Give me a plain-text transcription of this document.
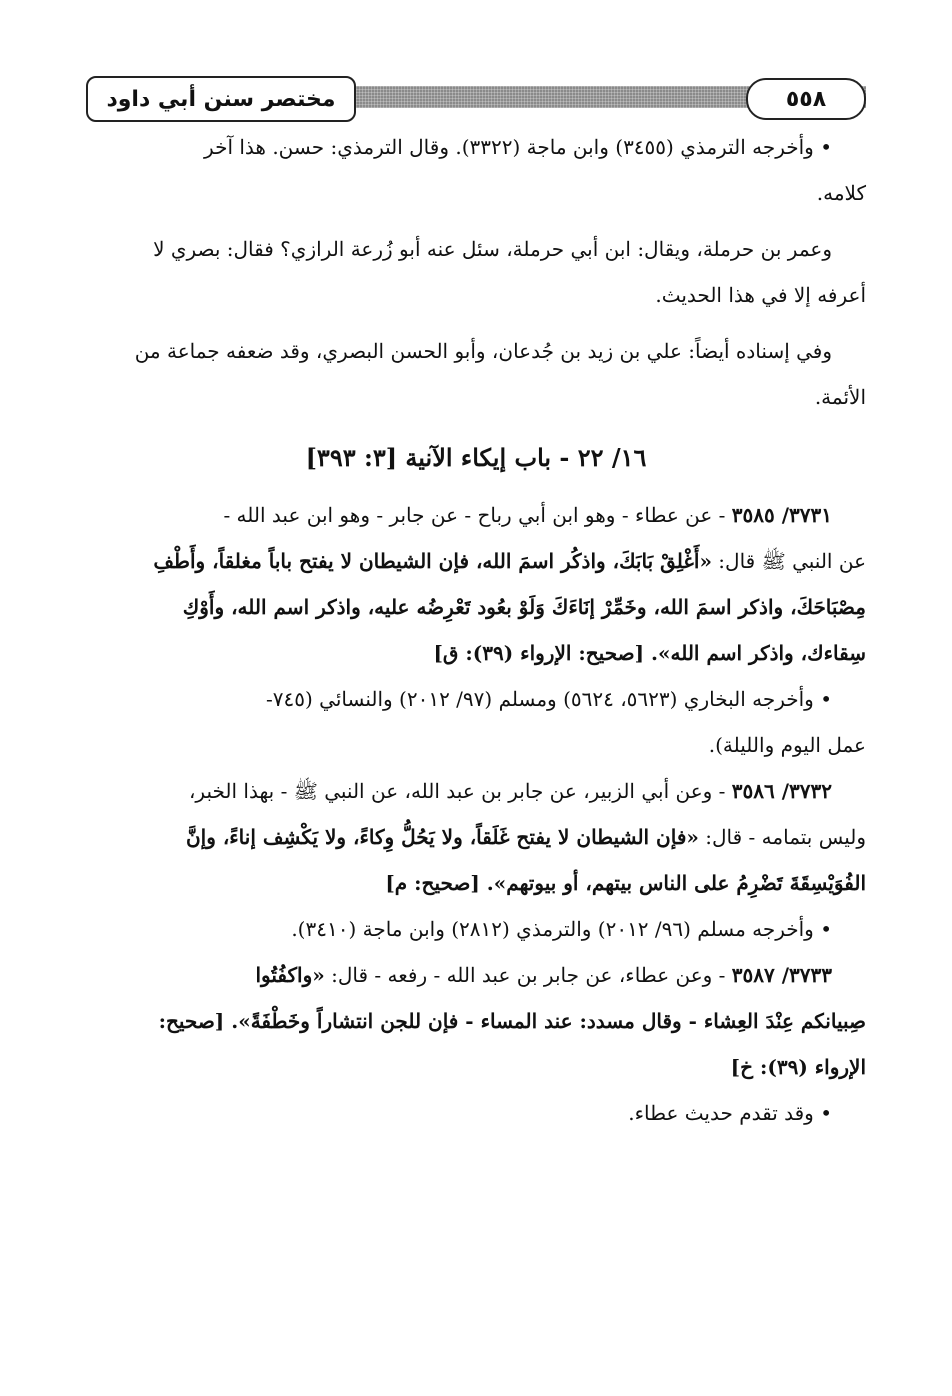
مختصر سنن أبي داود	٥٥٨

• وأخرجه الترمذي (٣٤٥٥) وابن ماجة (٣٣٢٢). وقال الترمذي: حسن. هذا آخر

كلامه.

وعمر بن حرملة، ويقال: ابن أبي حرملة، سئل عنه أبو زُرعة الرازي؟ فقال: بصري لا

أعرفه إلا في هذا الحديث.

وفي إسناده أيضاً: علي بن زيد بن جُدعان، وأبو الحسن البصري، وقد ضعفه جماعة من

الأئمة.

١٦/ ٢٢ - باب إيكاء الآنية [٣: ٣٩٣]

٣٧٣١/ ٣٥٨٥ - عن عطاء - وهو ابن أبي رباح - عن جابر - وهو ابن عبد الله -

عن النبي ﷺ قال: «أَغْلِقْ بَابَكَ، واذكُر اسمَ الله، فإن الشيطان لا يفتح باباً مغلقاً، وأَطْفِ

مِصْبَاحَكَ، واذكر اسمَ الله، وخَمِّرْ إنَاءَكَ وَلَوْ بعُود تَعْرِضُه عليه، واذكر اسم الله، وأَوْكِ

سِقاءك، واذكر اسم الله». [صحيح: الإرواء (٣٩): ق]

• وأخرجه البخاري (٥٦٢٣، ٥٦٢٤) ومسلم (٩٧/ ٢٠١٢) والنسائي (٧٤٥-

عمل اليوم والليلة).

٣٧٣٢/ ٣٥٨٦ - وعن أبي الزبير، عن جابر بن عبد الله، عن النبي ﷺ - بهذا الخبر،

وليس بتمامه - قال: «فإن الشيطان لا يفتح غَلَقاً، ولا يَحُلُّ وِكاءً، ولا يَكْشِف إناءً، وإنَّ

الفُوَيْسِقَةَ تَضْرِمُ على الناس بيتهم، أو بيوتهم». [صحيح: م]

• وأخرجه مسلم (٩٦/ ٢٠١٢) والترمذي (٢٨١٢) وابن ماجة (٣٤١٠).

٣٧٣٣/ ٣٥٨٧ - وعن عطاء، عن جابر بن عبد الله - رفعه - قال: «واكفُتُوا

صِبيانكم عِنْدَ العِشاء - وقال مسدد: عند المساء - فإن للجن انتشاراً وخَطْفَةً». [صحيح:

الإرواء (٣٩): خ]

• وقد تقدم حديث عطاء.
